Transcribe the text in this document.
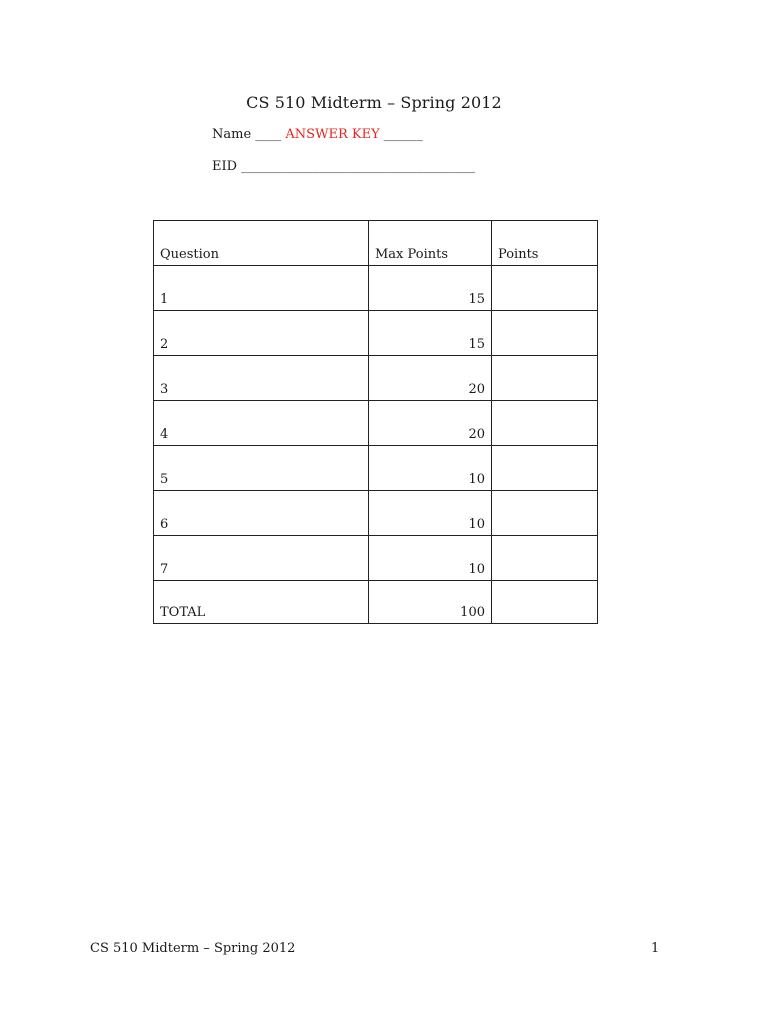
CS 510 Midterm – Spring 2012
Name ____ ANSWER KEY ______
EID ____________________________________
Question	Max Points	Points
1	15	
2	15	
3	20	
4	20	
5	10	
6	10	
7	10	
TOTAL	100	
CS 510 Midterm – Spring 2012	1
